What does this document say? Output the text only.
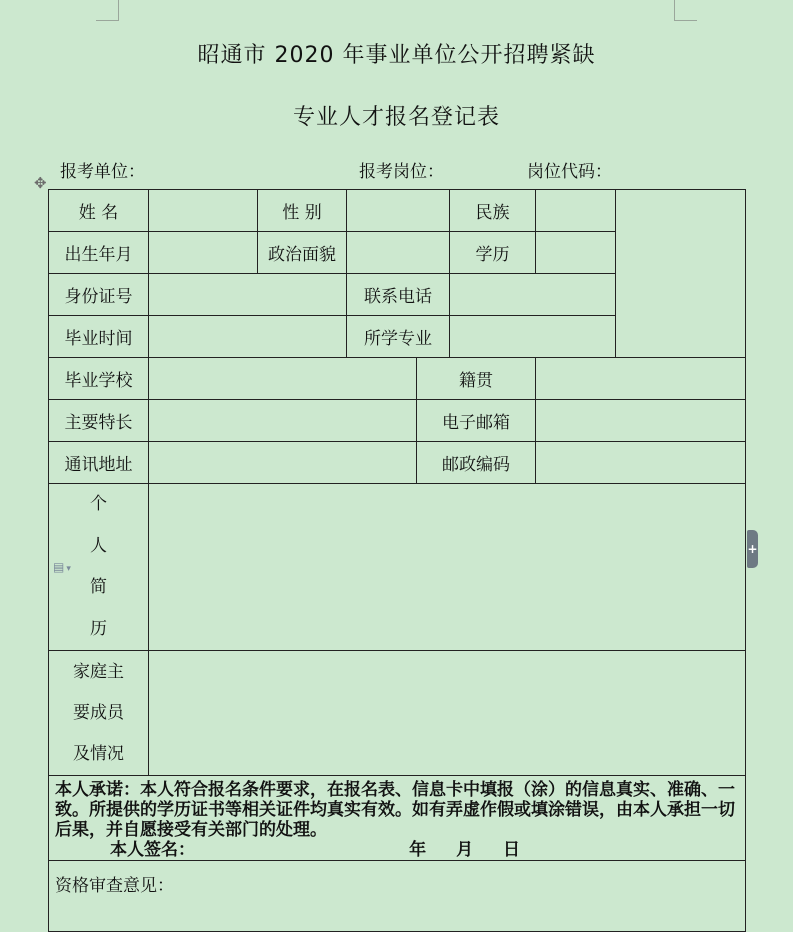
昭通市 2020 年事业单位公开招聘紧缺
专业人才报名登记表
报考单位：	报考岗位：	岗位代码：
✥
姓 名		性 别			民族		
出生年月		政治面貌			学历		
身份证号			联系电话				
毕业时间			所学专业				
毕业学校				籍贯			
主要特长				电子邮箱			
通讯地址				邮政编码			

个
人
简
历							

家庭主
要成员
及情况							

本人承诺：本人符合报名条件要求，在报名表、信息卡中填报（涂）的信息真实、准确、一致。所提供的学历证书等相关证件均真实有效。如有弄虚作假或填涂错误，由本人承担一切后果，并自愿接受有关部门的处理。
本人签名： 年 月 日							

资格审查意见：							
▤ ▾
+
